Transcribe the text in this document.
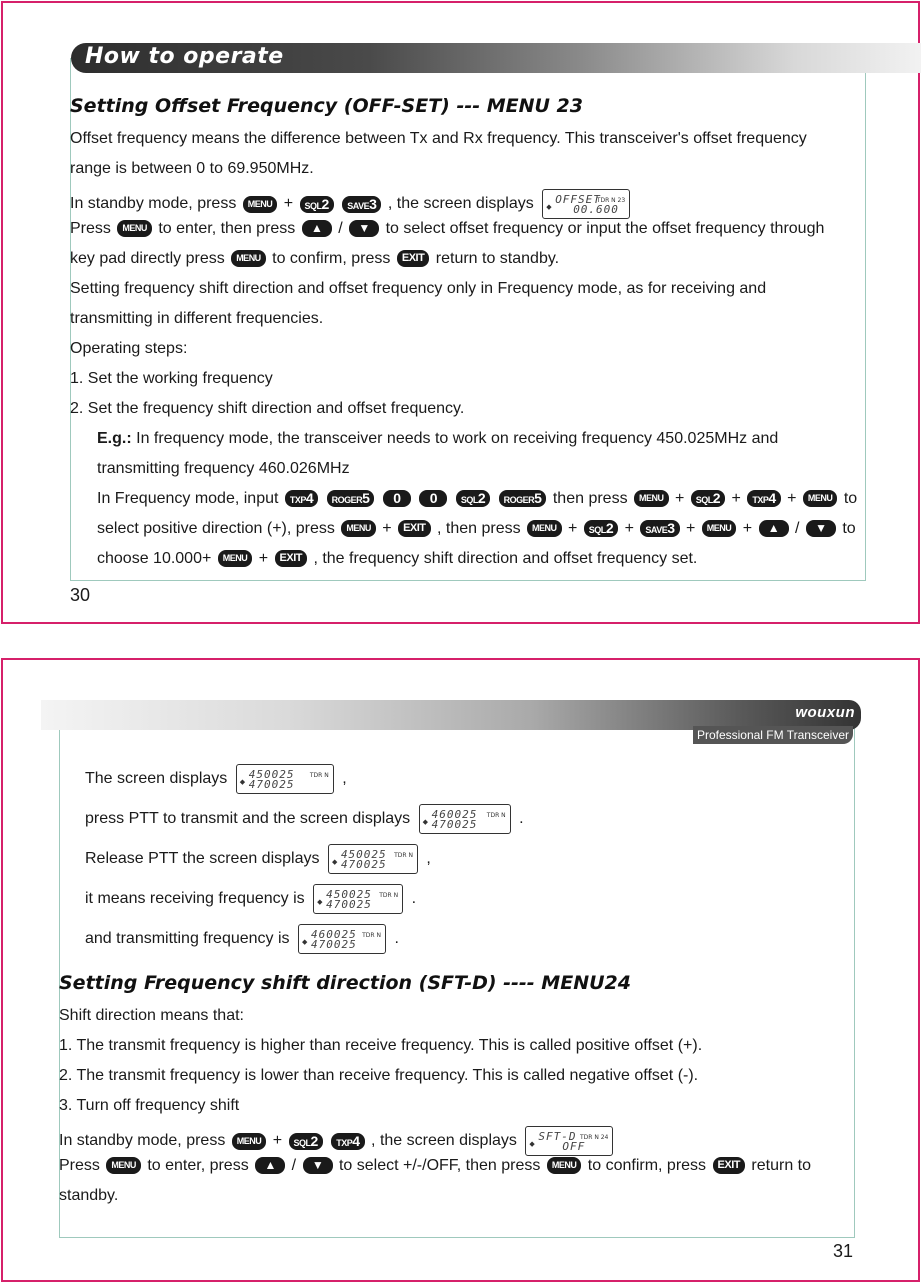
How to operate
Setting Offset Frequency (OFF-SET) --- MENU 23
Offset frequency means the difference between Tx and Rx frequency. This transceiver's offset frequency
range is between 0 to 69.950MHz.
In standby mode, press MENU + SQL2 SAVE3 , the screen displays ◆
TDR N 23
OFFSET
00.600
Press MENU to enter, then press ▲ / ▼ to select offset frequency or input the offset frequency through
key pad directly press MENU to confirm, press EXIT return to standby.
Setting frequency shift direction and offset frequency only in Frequency mode, as for receiving and
transmitting in different frequencies.
Operating steps:
1. Set the working frequency
2. Set the frequency shift direction and offset frequency.
E.g.: In frequency mode, the transceiver needs to work on receiving frequency 450.025MHz and
transmitting frequency 460.026MHz
In Frequency mode, input TXP4 ROGER5 0 0	SQL2 ROGER5 then press MENU + SQL2 + TXP4 + MENU to
select positive direction (+), press MENU + EXIT , then press MENU + SQL2 + SAVE3 + MENU + ▲ / ▼ to
choose 10.000+ MENU + EXIT , the frequency shift direction and offset frequency set.
30
wouxun
Professional FM Transceiver
The screen displays ◆
TDR N
450025
470025	,
press PTT to transmit and the screen displays ◆
TDR N
460025
470025	.
Release PTT the screen displays ◆
TDR N
450025
470025 ,
it means receiving frequency is ◆
TDR N
450025
470025 .
and transmitting frequency is ◆
TDR N
460025
470025 .
Setting Frequency shift direction (SFT-D) ---- MENU24
Shift direction means that:
1. The transmit frequency is higher than receive frequency. This is called positive offset (+).
2. The transmit frequency is lower than receive frequency. This is called negative offset (-).
3. Turn off frequency shift
In standby mode, press MENU + SQL2 TXP4 , the screen displays ◆
TDR N 24
SFT-D
OFF
Press MENU to enter, press ▲ / ▼ to select +/-/OFF, then press MENU to confirm, press EXIT return to
standby.
31
